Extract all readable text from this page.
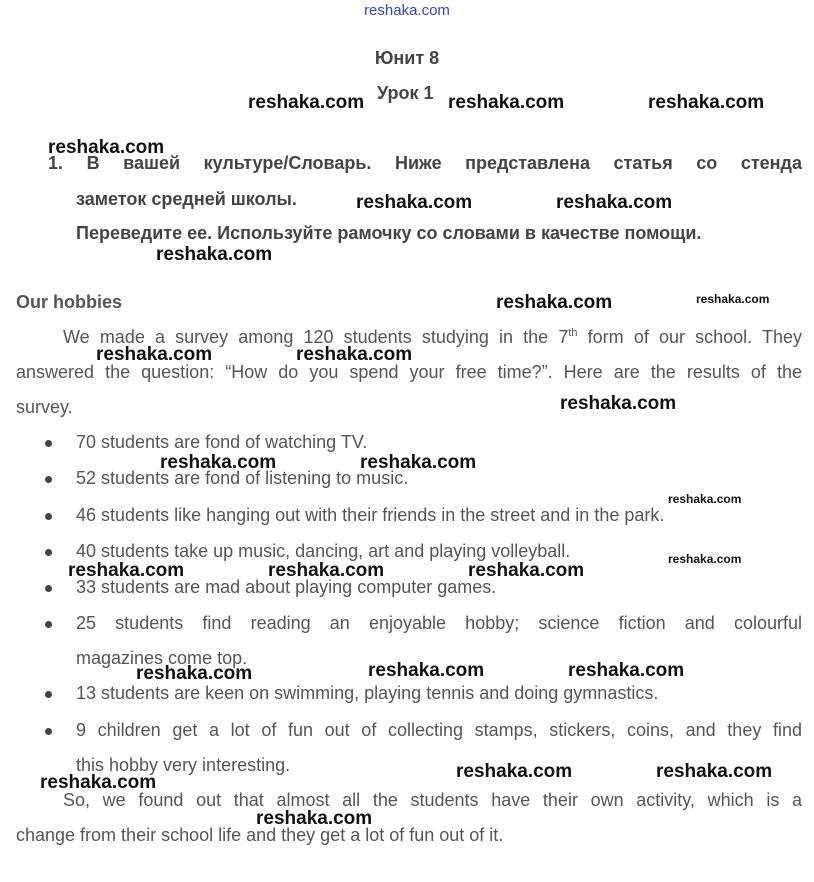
reshaka.com
Юнит 8
Урок 1
1. В вашей культуре/Словарь. Ниже представлена статья со стенда
заметок средней школы.
Переведите ее. Используйте рамочку со словами в качестве помощи.
Our hobbies
We made a survey among 120 students studying in the 7th form of our school. They
answered the question: “How do you spend your free time?”. Here are the results of the
survey.
70 students are fond of watching TV.
52 students are fond of listening to music.
46 students like hanging out with their friends in the street and in the park.
40 students take up music, dancing, art and playing volleyball.
33 students are mad about playing computer games.
25 students find reading an enjoyable hobby; science fiction and colourful
magazines come top.
13 students are keen on swimming, playing tennis and doing gymnastics.
9 children get a lot of fun out of collecting stamps, stickers, coins, and they find
this hobby very interesting.
So, we found out that almost all the students have their own activity, which is a
change from their school life and they get a lot of fun out of it.
reshaka.com	reshaka.com	reshaka.com
reshaka.com
reshaka.com	reshaka.com
reshaka.com
reshaka.com	reshaka.com
reshaka.com	reshaka.com
reshaka.com
reshaka.com	reshaka.com
reshaka.com
reshaka.com
reshaka.com	reshaka.com	reshaka.com
reshaka.com	reshaka.com
reshaka.com
reshaka.com	reshaka.com
reshaka.com
reshaka.com
